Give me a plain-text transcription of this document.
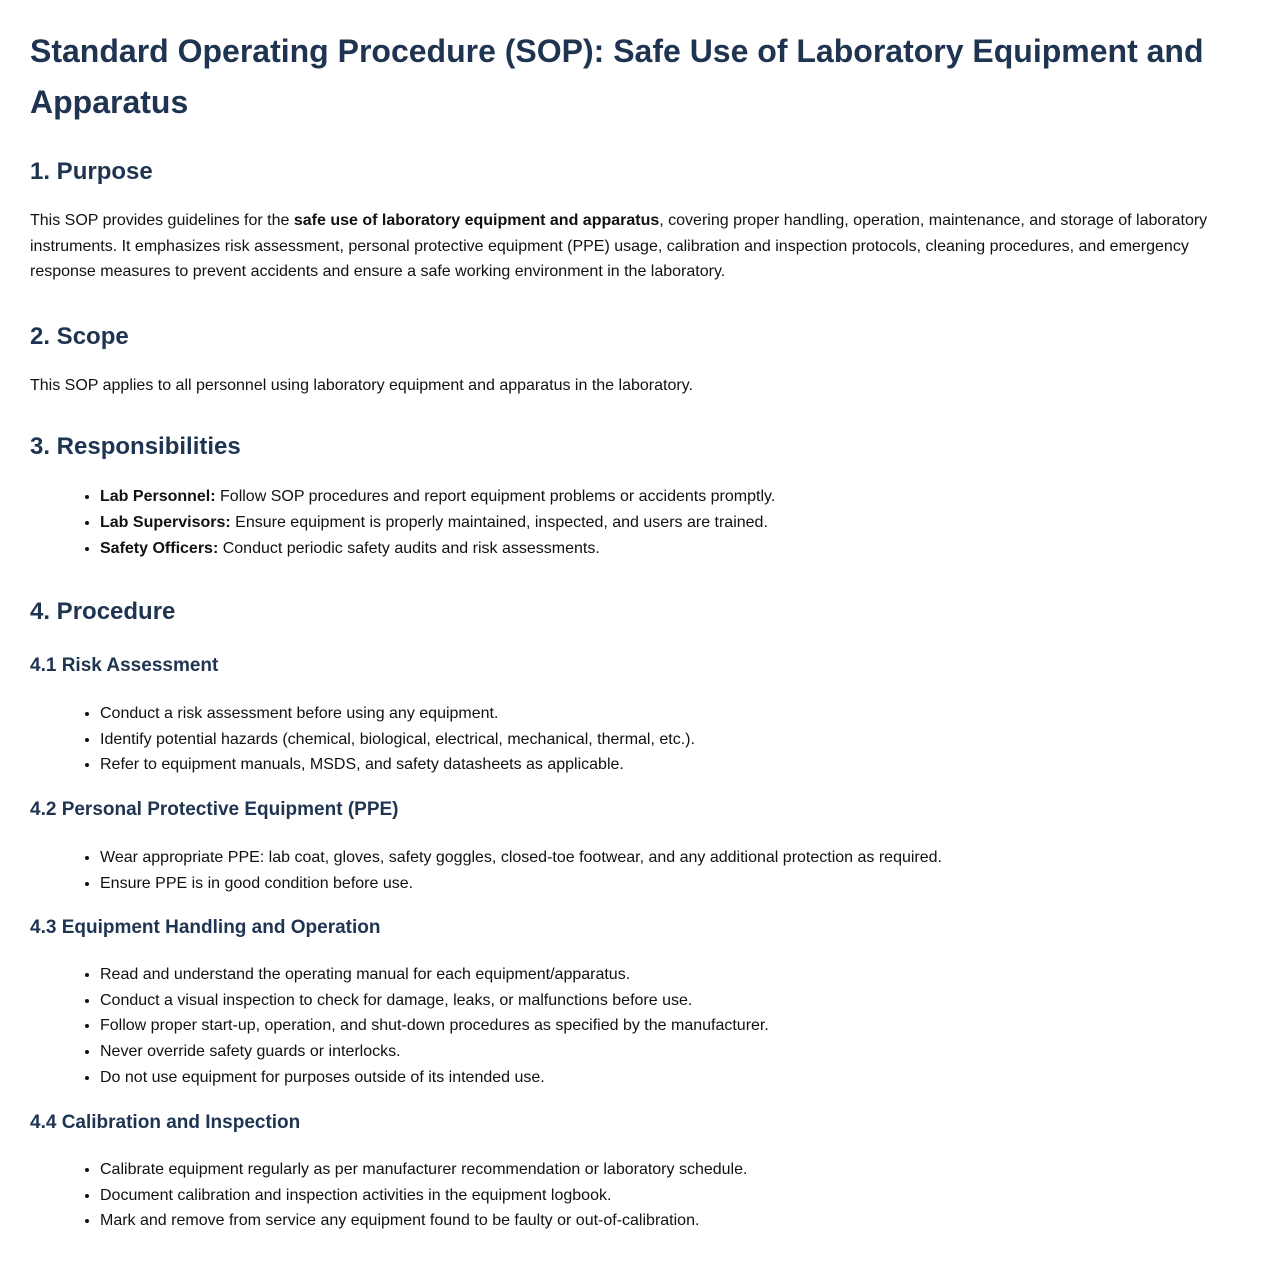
Standard Operating Procedure (SOP): Safe Use of Laboratory Equipment and Apparatus
1. Purpose

This SOP provides guidelines for the safe use of laboratory equipment and apparatus, covering proper handling, operation, maintenance, and storage of laboratory instruments. It emphasizes risk assessment, personal protective equipment (PPE) usage, calibration and inspection protocols, cleaning procedures, and emergency response measures to prevent accidents and ensure a safe working environment in the laboratory.

2. Scope

This SOP applies to all personnel using laboratory equipment and apparatus in the laboratory.

3. Responsibilities
• Lab Personnel: Follow SOP procedures and report equipment problems or accidents promptly.
• Lab Supervisors: Ensure equipment is properly maintained, inspected, and users are trained.
• Safety Officers: Conduct periodic safety audits and risk assessments.
4. Procedure
4.1 Risk Assessment
• Conduct a risk assessment before using any equipment.
• Identify potential hazards (chemical, biological, electrical, mechanical, thermal, etc.).
• Refer to equipment manuals, MSDS, and safety datasheets as applicable.
4.2 Personal Protective Equipment (PPE)
• Wear appropriate PPE: lab coat, gloves, safety goggles, closed-toe footwear, and any additional protection as required.
• Ensure PPE is in good condition before use.
4.3 Equipment Handling and Operation
• Read and understand the operating manual for each equipment/apparatus.
• Conduct a visual inspection to check for damage, leaks, or malfunctions before use.
• Follow proper start-up, operation, and shut-down procedures as specified by the manufacturer.
• Never override safety guards or interlocks.
• Do not use equipment for purposes outside of its intended use.
4.4 Calibration and Inspection
• Calibrate equipment regularly as per manufacturer recommendation or laboratory schedule.
• Document calibration and inspection activities in the equipment logbook.
• Mark and remove from service any equipment found to be faulty or out-of-calibration.
